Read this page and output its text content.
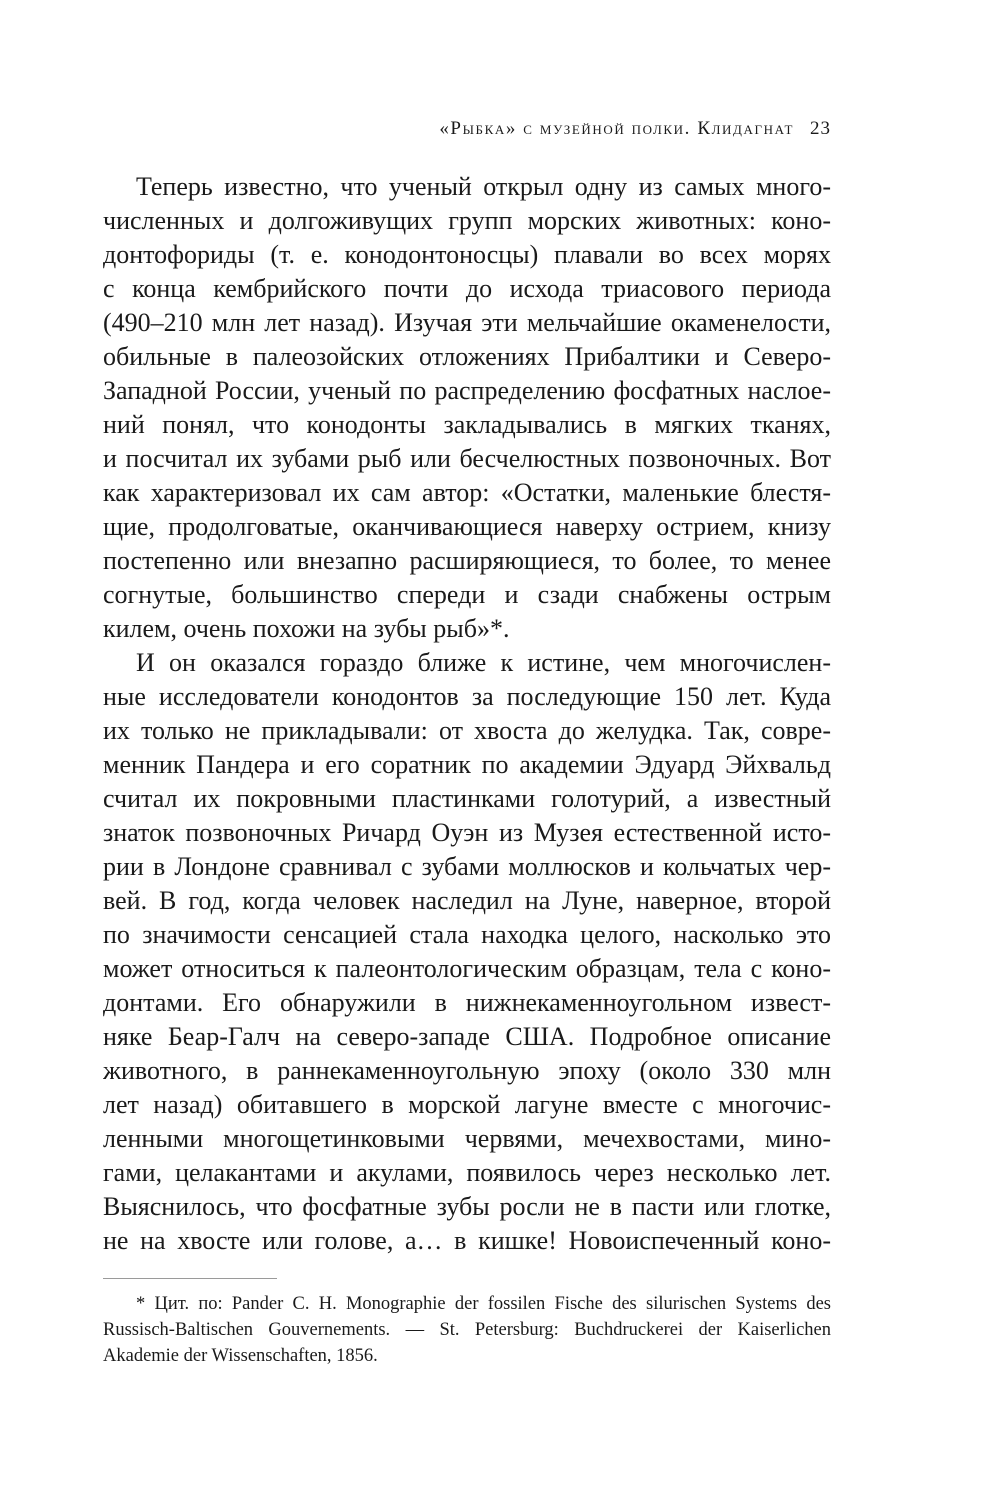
«Рыбка» с музейной полки. Клидагнат 23
Теперь известно, что ученый открыл одну из самых много-
численных и долгоживущих групп морских животных: коно-
донтофориды (т. е. конодонтоносцы) плавали во всех морях
с конца кембрийского почти до исхода триасового периода
(490–210 млн лет назад). Изучая эти мельчайшие окаменелости,
обильные в палеозойских отложениях Прибалтики и Северо-
Западной России, ученый по распределению фосфатных наслое-
ний понял, что конодонты закладывались в мягких тканях,
и посчитал их зубами рыб или бесчелюстных позвоночных. Вот
как характеризовал их сам автор: «Остатки, маленькие блестя-
щие, продолговатые, оканчивающиеся наверху острием, книзу
постепенно или внезапно расширяющиеся, то более, то менее
согнутые, большинство спереди и сзади снабжены острым
килем, очень похожи на зубы рыб»*.
И он оказался гораздо ближе к истине, чем многочислен-
ные исследователи конодонтов за последующие 150 лет. Куда
их только не прикладывали: от хвоста до желудка. Так, совре-
менник Пандера и его соратник по академии Эдуард Эйхвальд
считал их покровными пластинками голотурий, а известный
знаток позвоночных Ричард Оуэн из Музея естественной исто-
рии в Лондоне сравнивал с зубами моллюсков и кольчатых чер-
вей. В год, когда человек наследил на Луне, наверное, второй
по значимости сенсацией стала находка целого, насколько это
может относиться к палеонтологическим образцам, тела с коно-
донтами. Его обнаружили в нижнекаменноугольном извест-
няке Беар-Галч на северо-западе США. Подробное описание
животного, в раннекаменноугольную эпоху (около 330 млн
лет назад) обитавшего в морской лагуне вместе с многочис-
ленными многощетинковыми червями, мечехвостами, мино-
гами, целакантами и акулами, появилось через несколько лет.
Выяснилось, что фосфатные зубы росли не в пасти или глотке,
не на хвосте или голове, а… в кишке! Новоиспеченный коно-
* Цит. по: Pander C. H. Monographie der fossilen Fische des silurischen Systems des
Russisch-Baltischen Gouvernements. — St. Petersburg: Buchdruckerei der Kaiserlichen
Akademie der Wissenschaften, 1856.
